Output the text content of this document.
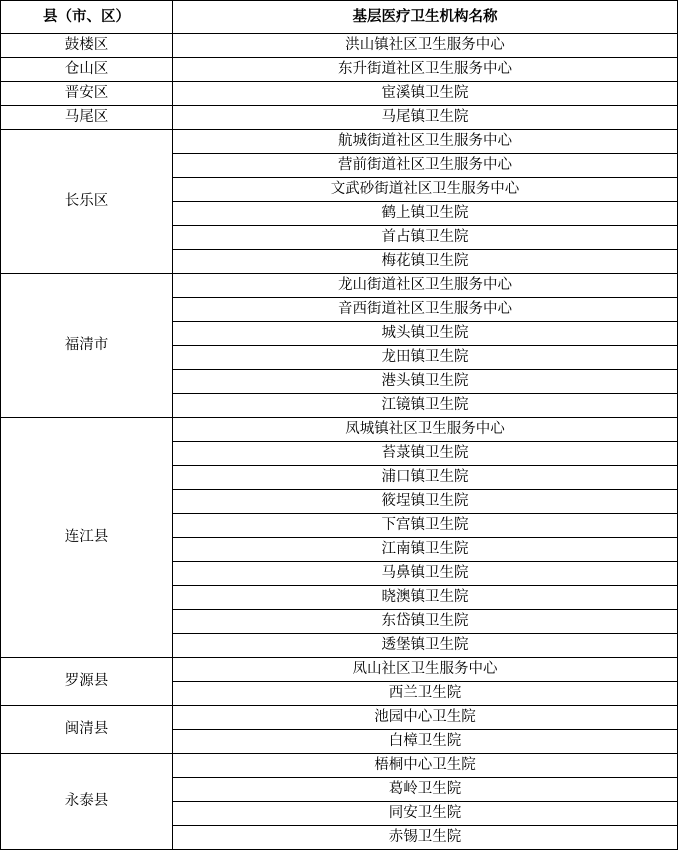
县（市、区）	基层医疗卫生机构名称
鼓楼区	洪山镇社区卫生服务中心
仓山区	东升街道社区卫生服务中心
晋安区	宦溪镇卫生院
马尾区	马尾镇卫生院
长乐区	航城街道社区卫生服务中心
	营前街道社区卫生服务中心
	文武砂街道社区卫生服务中心
	鹤上镇卫生院
	首占镇卫生院
	梅花镇卫生院
福清市	龙山街道社区卫生服务中心
	音西街道社区卫生服务中心
	城头镇卫生院
	龙田镇卫生院
	港头镇卫生院
	江镜镇卫生院
连江县	凤城镇社区卫生服务中心
	苔菉镇卫生院
	浦口镇卫生院
	筱埕镇卫生院
	下宫镇卫生院
	江南镇卫生院
	马鼻镇卫生院
	晓澳镇卫生院
	东岱镇卫生院
	透堡镇卫生院
罗源县	凤山社区卫生服务中心
	西兰卫生院
闽清县	池园中心卫生院
	白樟卫生院
永泰县	梧桐中心卫生院
	葛岭卫生院
	同安卫生院
	赤锡卫生院
